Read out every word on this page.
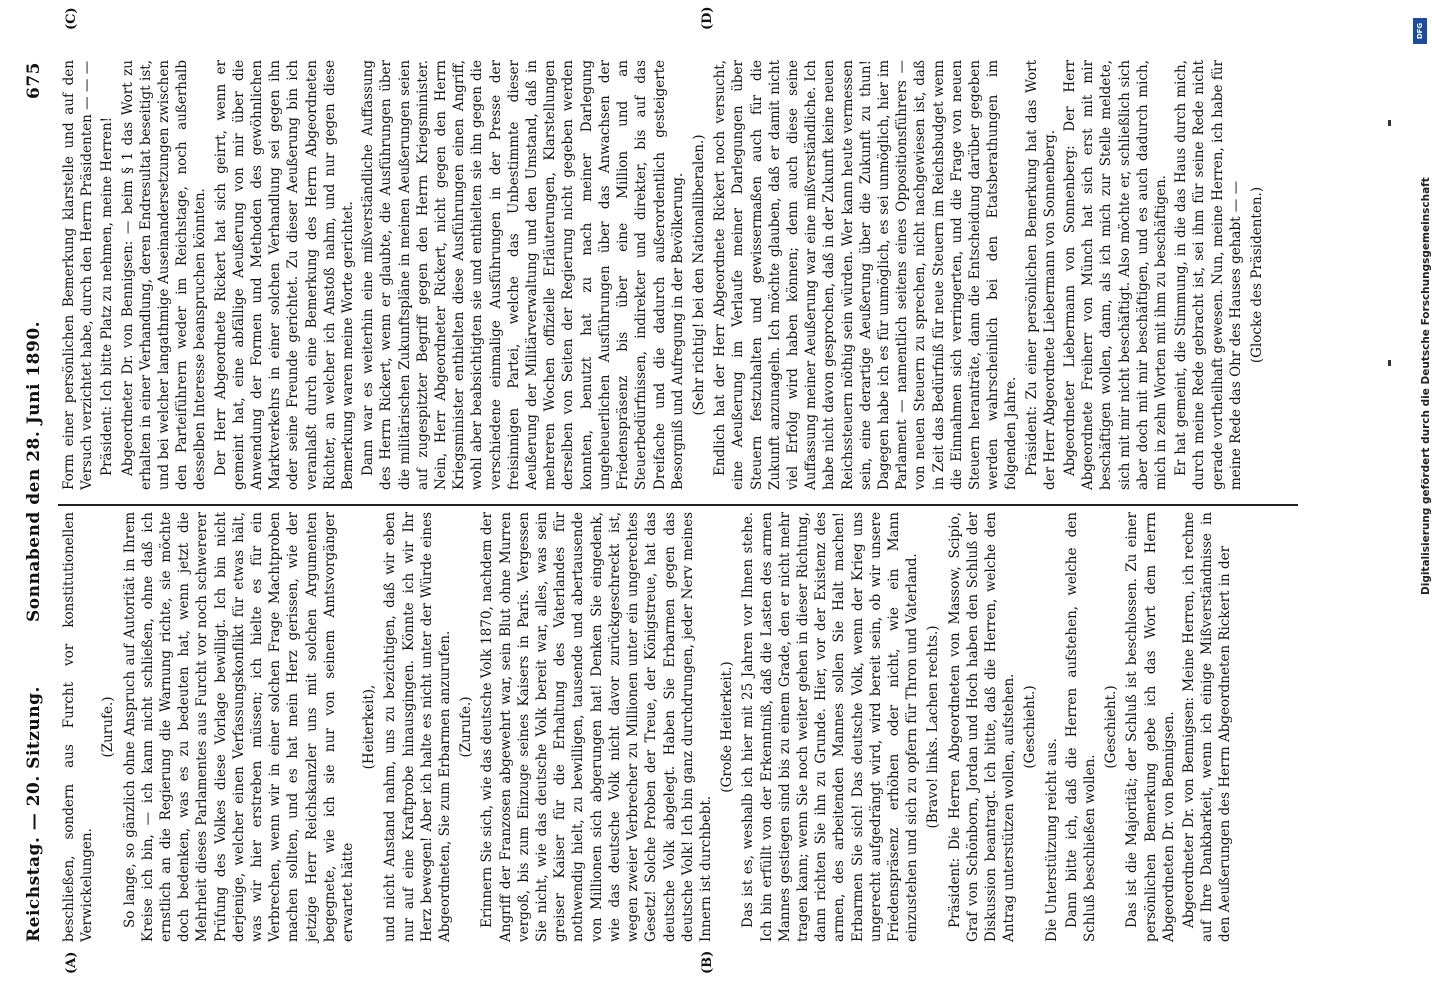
Reichstag. — 20. Sitzung.
Sonnabend den 28. Juni 1890.
675
(A)	(B)
(C)	(D)

beschließen, sondern aus Furcht vor konstitutionellen Verwickelungen.

(Zurufe.) So lange, so gänzlich ohne Anspruch auf Autorität in Ihrem Kreise ich bin, — ich kann nicht schließen, ohne daß ich ernstlich an die Regierung die Warnung richte, sie möchte doch bedenken, was es zu bedeuten hat, wenn jetzt die Mehrheit dieses Parlamentes aus Furcht vor noch schwererer Prüfung des Volkes diese Vorlage bewilligt. Ich bin nicht derjenige, welcher einen Verfassungskonflikt für etwas hält, was wir hier erstreben müssen; ich hielte es für ein Verbrechen, wenn wir in einer solchen Frage Machtproben machen sollten, und es hat mein Herz gerissen, wie der jetzige Herr Reichskanzler uns mit solchen Argumenten begegnete, wie ich sie nur von seinem Amtsvorgänger erwartet hätte

(Heiterkeit), und nicht Anstand nahm, uns zu bezichtigen, daß wir eben nur auf eine Kraftprobe hinausgingen. Könnte ich wir Ihr Herz bewegen! Aber ich halte es nicht unter der Würde eines Abgeordneten, Sie zum Erbarmen anzurufen. (Zurufe.) Erinnern Sie sich, wie das deutsche Volk 1870, nachdem der Angriff der Franzosen abgewehrt war, sein Blut ohne Murren vergoß, bis zum Einzuge seines Kaisers in Paris. Vergessen Sie nicht, wie das deutsche Volk bereit war, alles, was sein greiser Kaiser für die Erhaltung des Vaterlandes für nothwendig hielt, zu bewilligen, tausende und abertausende von Millionen sich abgerungen hat! Denken Sie eingedenk, wie das deutsche Volk nicht davor zurückgeschreckt ist, wegen zweier Verbrecher zu Millionen unter ein ungerechtes Gesetz! Solche Proben der Treue, der Königstreue, hat das deutsche Volk abgelegt. Haben Sie Erbarmen gegen das deutsche Volk! Ich bin ganz durchdrungen, jeder Nerv meines Innern ist durchbebt.

(Große Heiterkeit.) Das ist es, weshalb ich hier mit 25 Jahren vor Ihnen stehe. Ich bin erfüllt von der Erkenntniß, daß die Lasten des armen Mannes gestiegen sind bis zu einem Grade, den er nicht mehr tragen kann; wenn Sie noch weiter gehen in dieser Richtung, dann richten Sie ihn zu Grunde. Hier, vor der Existenz des armen, des arbeitenden Mannes sollen Sie Halt machen! Erbarmen Sie sich! Das deutsche Volk, wenn der Krieg uns ungerecht aufgedrängt wird, wird bereit sein, ob wir unsere Friedenspräsenz erhöhen oder nicht, wie ein Mann einzustehen und sich zu opfern für Thron und Vaterland. (Bravo! links. Lachen rechts.) Präsident: Die Herren Abgeordneten von Massow, Scipio, Graf von Schönborn, Jordan und Hoch haben den Schluß der Diskussion beantragt. Ich bitte, daß die Herren, welche den Antrag unterstützen wollen, aufstehen. (Geschieht.)

Die Unterstützung reicht aus. Dann bitte ich, daß die Herren aufstehen, welche den Schluß beschließen wollen.

(Geschieht.) Das ist die Majorität; der Schluß ist beschlossen. Zu einer persönlichen Bemerkung gebe ich das Wort dem Herrn Abgeordneten Dr. von Bennigsen. Abgeordneter Dr. von Bennigsen: Meine Herren, ich rechne auf Ihre Dankbarkeit, wenn ich einige Mißverständnisse in den Aeußerungen des Herrn Abgeordneten Rickert in der

Form einer persönlichen Bemerkung klarstelle und auf den Versuch verzichtet habe, durch den Herrn Präsidenten — — — Präsident: Ich bitte Platz zu nehmen, meine Herren! Abgeordneter Dr. von Bennigsen: — beim § 1 das Wort zu erhalten in einer Verhandlung, deren Endresultat beseitigt ist, und bei welcher langathmige Auseinandersetzungen zwischen den Parteiführern weder im Reichstage, noch außerhalb desselben Interesse beanspruchen könnten. Der Herr Abgeordnete Rickert hat sich geirrt, wenn er gemeint hat, eine abfällige Aeußerung von mir über die Anwendung der Formen und Methoden des gewöhnlichen Marktverkehrs in einer solchen Verhandlung sei gegen ihn oder seine Freunde gerichtet. Zu dieser Aeußerung bin ich veranlaßt durch eine Bemerkung des Herrn Abgeordneten Richter, an welcher ich Anstoß nahm, und nur gegen diese Bemerkung waren meine Worte gerichtet. Dann war es weiterhin eine mißverständliche Auffassung des Herrn Rickert, wenn er glaubte, die Ausführungen über die militärischen Zukunftspläne in meinen Aeußerungen seien auf zugespitzter Begriff gegen den Herrn Kriegsminister. Nein, Herr Abgeordneter Rickert, nicht gegen den Herrn Kriegsminister enthielten diese Ausführungen einen Angriff, wohl aber beabsichtigten sie und enthielten sie ihn gegen die verschiedene einmalige Ausführungen in der Presse der freisinnigen Partei, welche das Unbestimmte dieser Aeußerung der Militärverwaltung und den Umstand, daß in mehreren Wochen offizielle Erläuterungen, Klarstellungen derselben von Seiten der Regierung nicht gegeben werden konnten, benutzt hat zu nach meiner Darlegung ungeheuerlichen Ausführungen über das Anwachsen der Friedenspräsenz bis über eine Million und an Steuerbedürfnissen, indirekter und direkter, bis auf das Dreifache und die dadurch außerordentlich gesteigerte Besorgniß und Aufregung in der Bevölkerung. (Sehr richtig! bei den Nationalliberalen.) Endlich hat der Herr Abgeordnete Rickert noch versucht, eine Aeußerung im Verlaufe meiner Darlegungen über Steuern festzuhalten und gewissermaßen auch für die Zukunft anzunageln. Ich möchte glauben, daß er damit nicht viel Erfolg wird haben können; denn auch diese seine Auffassung meiner Aeußerung war eine mißverständliche. Ich habe nicht davon gesprochen, daß in der Zukunft keine neuen Reichssteuern nöthig sein würden. Wer kann heute vermessen sein, eine derartige Aeußerung über die Zukunft zu thun! Dagegen habe ich es für unmöglich, es sei unmöglich, hier im Parlament — namentlich seitens eines Oppositionsführers — von neuen Steuern zu sprechen, nicht nachgewiesen ist, daß in Zeit das Bedürfniß für neue Steuern im Reichsbudget wenn die Einnahmen sich verringerten, und die Frage von neuen Steuern heranträte, dann die Entscheidung darüber gegeben werden wahrscheinlich bei den Etatsberathungen im folgenden Jahre. Präsident: Zu einer persönlichen Bemerkung hat das Wort der Herr Abgeordnete Liebermann von Sonnenberg. Abgeordneter Liebermann von Sonnenberg: Der Herr Abgeordnete Freiherr von Münch hat sich erst mit mir beschäftigen wollen, dann, als ich mich zur Stelle meldete, sich mit mir nicht beschäftigt. Also möchte er, schließlich sich aber doch mit mir beschäftigen, und es auch dadurch mich, mich in zehn Worten mit ihm zu beschäftigen. Er hat gemeint, die Stimmung, in die das Haus durch mich, durch meine Rede gebracht ist, sei ihm für seine Rede nicht gerade vortheilhaft gewesen. Nun, meine Herren, ich habe für meine Rede das Ohr des Hauses gehabt — — (Glocke des Präsidenten.)

DFG
Digitalisierung gefördert durch die Deutsche Forschungsgemeinschaft
